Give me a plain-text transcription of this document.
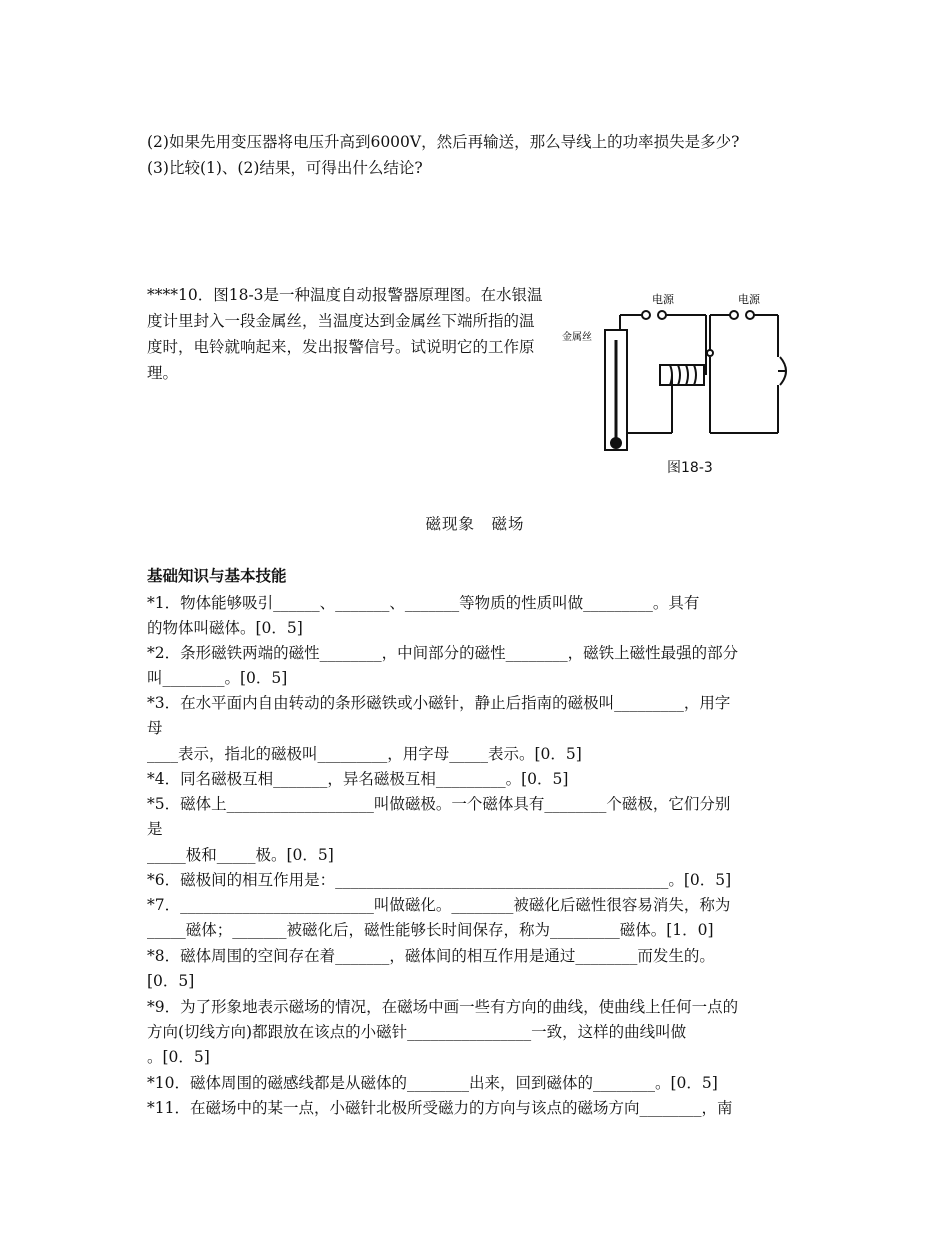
(2)如果先用变压器将电压升高到6000V，然后再输送，那么导线上的功率损失是多少?
(3)比较(1)、(2)结果，可得出什么结论?
****10．图18-3是一种温度自动报警器原理图。在水银温度计里封入一段金属丝，当温度达到金属丝下端所指的温度时，电铃就响起来，发出报警信号。试说明它的工作原理。
电源	电源
金属丝
图18-3
磁现象　磁场
基础知识与基本技能
*1．物体能够吸引______、_______、_______等物质的性质叫做_________。具有
的物体叫磁体。[0．5]
*2．条形磁铁两端的磁性________，中间部分的磁性________，磁铁上磁性最强的部分
叫________。[0．5]
*3．在水平面内自由转动的条形磁铁或小磁针，静止后指南的磁极叫_________，用字
母
____表示，指北的磁极叫_________，用字母_____表示。[0．5]
*4．同名磁极互相_______，异名磁极互相_________。[0．5]
*5．磁体上___________________叫做磁极。一个磁体具有________个磁极，它们分别
是
_____极和_____极。[0．5]
*6．磁极间的相互作用是：___________________________________________。[0．5]
*7．_________________________叫做磁化。________被磁化后磁性很容易消失，称为
_____磁体；_______被磁化后，磁性能够长时间保存，称为_________磁体。[1．0]
*8．磁体周围的空间存在着_______，磁体间的相互作用是通过________而发生的。
[0．5]
*9．为了形象地表示磁场的情况，在磁场中画一些有方向的曲线，使曲线上任何一点的
方向(切线方向)都跟放在该点的小磁针________________一致，这样的曲线叫做
。[0．5]
*10．磁体周围的磁感线都是从磁体的________出来，回到磁体的________。[0．5]
*11．在磁场中的某一点，小磁针北极所受磁力的方向与该点的磁场方向________，南
